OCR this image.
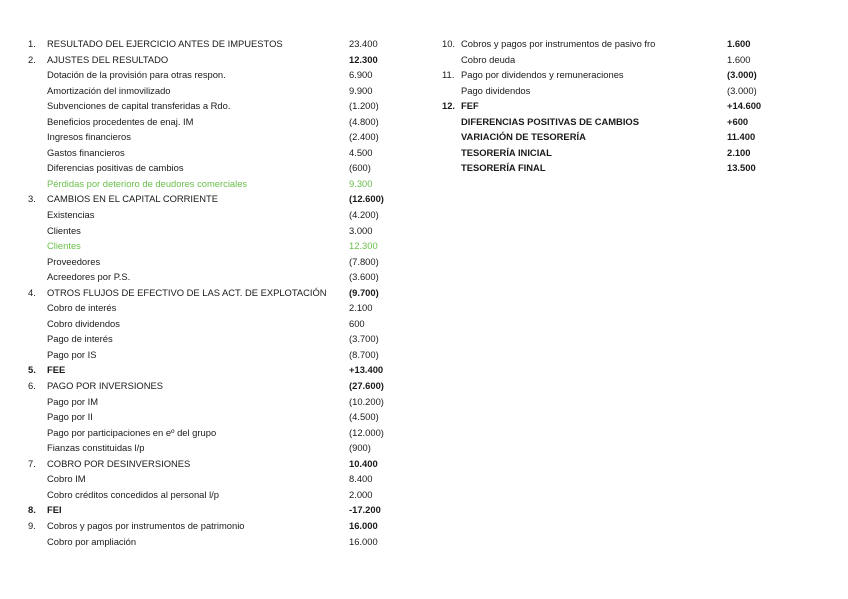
1. RESULTADO DEL EJERCICIO ANTES DE IMPUESTOS	23.400
2. AJUSTES DEL RESULTADO	12.300
Dotación de la provisión para otras respon.	6.900
Amortización del inmovilizado	9.900
Subvenciones de capital transferidas a Rdo.	(1.200)
Beneficios procedentes de enaj. IM	(4.800)
Ingresos financieros	(2.400)
Gastos financieros	4.500
Diferencias positivas de cambios	(600)
Pérdidas por deterioro de deudores comerciales	9.300
3. CAMBIOS EN EL CAPITAL CORRIENTE	(12.600)
Existencias	(4.200)
Clientes	3.000
Clientes	12.300
Proveedores	(7.800)
Acreedores por P.S.	(3.600)
4. OTROS FLUJOS DE EFECTIVO DE LAS ACT. DE EXPLOTACIÓN (9.700)
Cobro de interés	2.100
Cobro dividendos	600
Pago de interés	(3.700)
Pago por IS	(8.700)
5. FEE	+13.400
6. PAGO POR INVERSIONES	(27.600)
Pago por IM	(10.200)
Pago por II	(4.500)
Pago por participaciones en eº del grupo	(12.000)
Fianzas constituidas l/p	(900)
7. COBRO POR DESINVERSIONES	10.400
Cobro IM	8.400
Cobro créditos concedidos al personal l/p	2.000
8. FEI	-17.200
9. Cobros y pagos por instrumentos de patrimonio	16.000
Cobro por ampliación	16.000
10. Cobros y pagos por instrumentos de pasivo fro	1.600
Cobro deuda	1.600
11. Pago por dividendos y remuneraciones	(3.000)
Pago dividendos	(3.000)
12. FEF	+14.600
DIFERENCIAS POSITIVAS DE CAMBIOS	+600
VARIACIÓN DE TESORERÍA	11.400
TESORERÍA INICIAL	2.100
TESORERÍA FINAL	13.500
